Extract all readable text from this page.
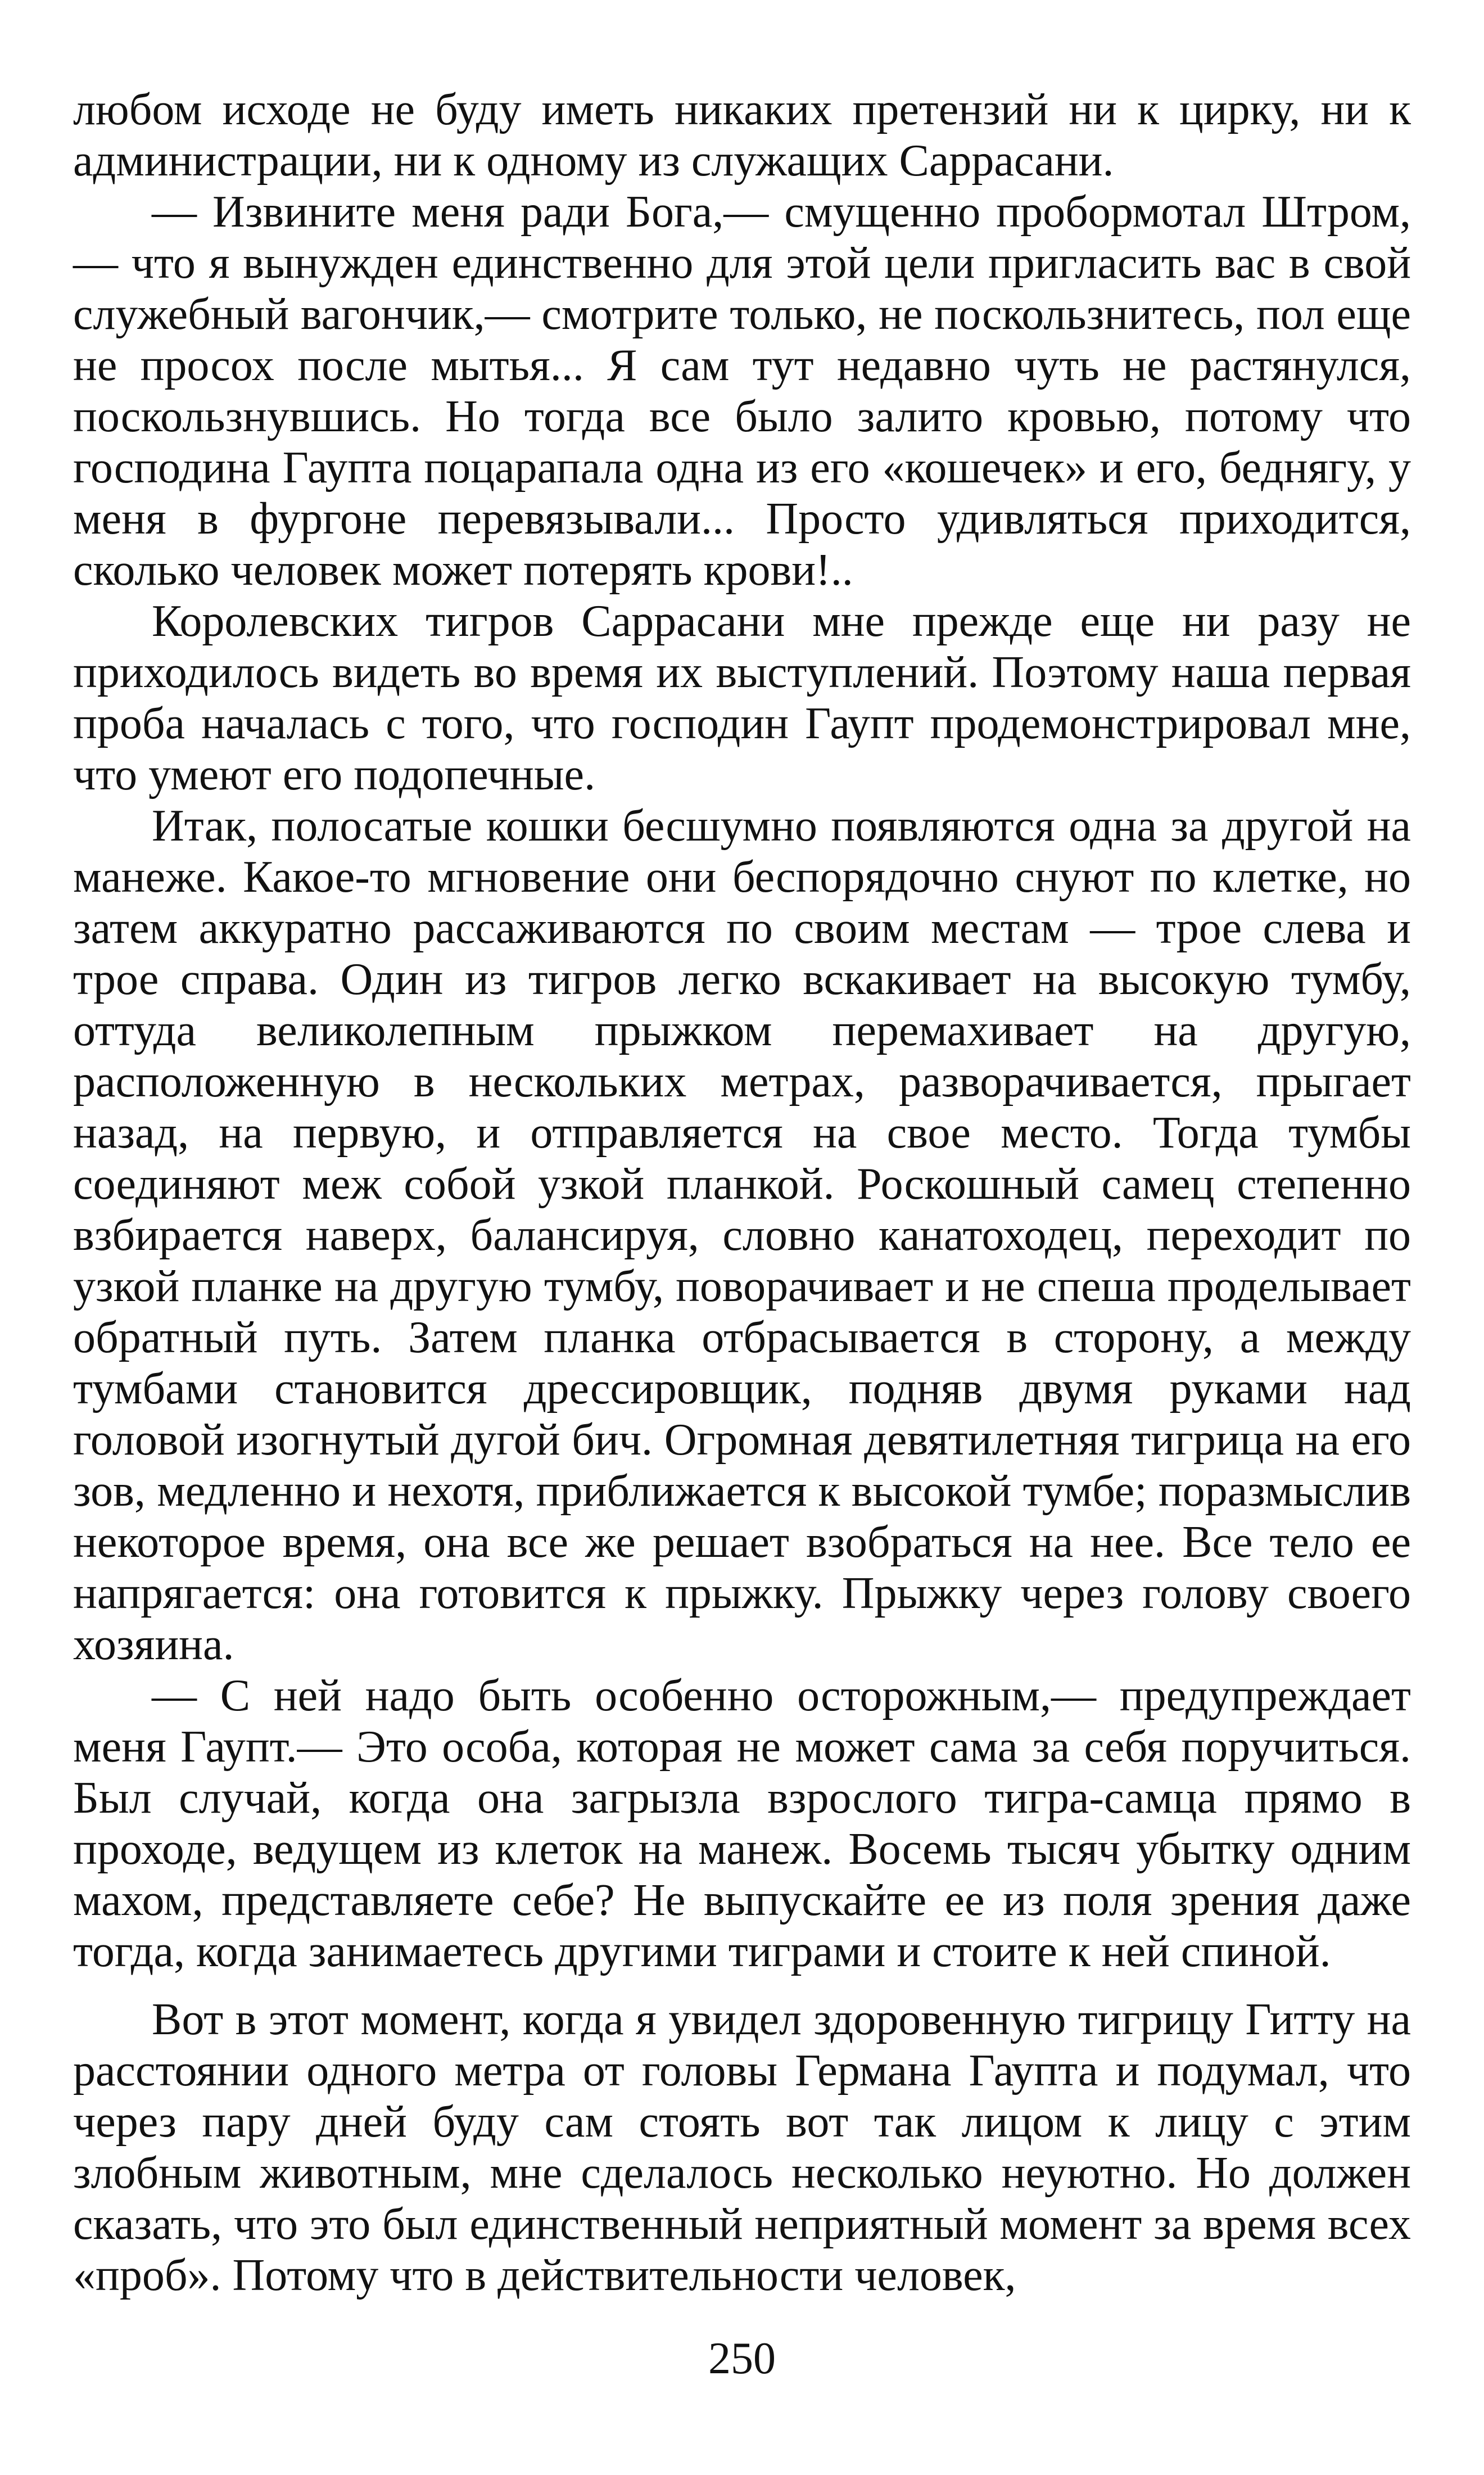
любом исходе не буду иметь никаких претензий ни к цирку, ни к администрации, ни к одному из служащих Саррасани.

— Извините меня ради Бога,— смущенно пробормотал Штром,— что я вынужден единственно для этой цели пригласить вас в свой служебный вагончик,— смотрите только, не поскользнитесь, пол еще не просох после мытья... Я сам тут недавно чуть не растянулся, поскользнувшись. Но тогда все было залито кровью, потому что господина Гаупта поцарапала одна из его «кошечек» и его, беднягу, у меня в фургоне перевязывали... Просто удивляться приходится, сколько человек может потерять крови!..

Королевских тигров Саррасани мне прежде еще ни разу не приходилось видеть во время их выступлений. Поэтому наша первая проба началась с того, что господин Гаупт продемонстрировал мне, что умеют его подопечные.

Итак, полосатые кошки бесшумно появляются одна за другой на манеже. Какое-то мгновение они беспорядочно снуют по клетке, но затем аккуратно рассаживаются по своим местам — трое слева и трое справа. Один из тигров легко вскакивает на высокую тумбу, оттуда великолепным прыжком перемахивает на другую, расположенную в нескольких метрах, разворачивается, прыгает назад, на первую, и отправляется на свое место. Тогда тумбы соединяют меж собой узкой планкой. Роскошный самец степенно взбирается наверх, балансируя, словно канатоходец, переходит по узкой планке на другую тумбу, поворачивает и не спеша проделывает обратный путь. Затем планка отбрасывается в сторону, а между тумбами становится дрессировщик, подняв двумя руками над головой изогнутый дугой бич. Огромная девятилетняя тигрица на его зов, медленно и нехотя, приближается к высокой тумбе; поразмыслив некоторое время, она все же решает взобраться на нее. Все тело ее напрягается: она готовится к прыжку. Прыжку через голову своего хозяина.

— С ней надо быть особенно осторожным,— предупреждает меня Гаупт.— Это особа, которая не может сама за себя поручиться. Был случай, когда она загрызла взрослого тигра-самца прямо в проходе, ведущем из клеток на манеж. Восемь тысяч убытку одним махом, представляете себе? Не выпускайте ее из поля зрения даже тогда, когда занимаетесь другими тиграми и стоите к ней спиной.

Вот в этот момент, когда я увидел здоровенную тигрицу Гитту на расстоянии одного метра от головы Германа Гаупта и подумал, что через пару дней буду сам стоять вот так лицом к лицу с этим злобным животным, мне сделалось несколько неуютно. Но должен сказать, что это был единственный неприятный момент за время всех «проб». Потому что в действительности человек,

250
